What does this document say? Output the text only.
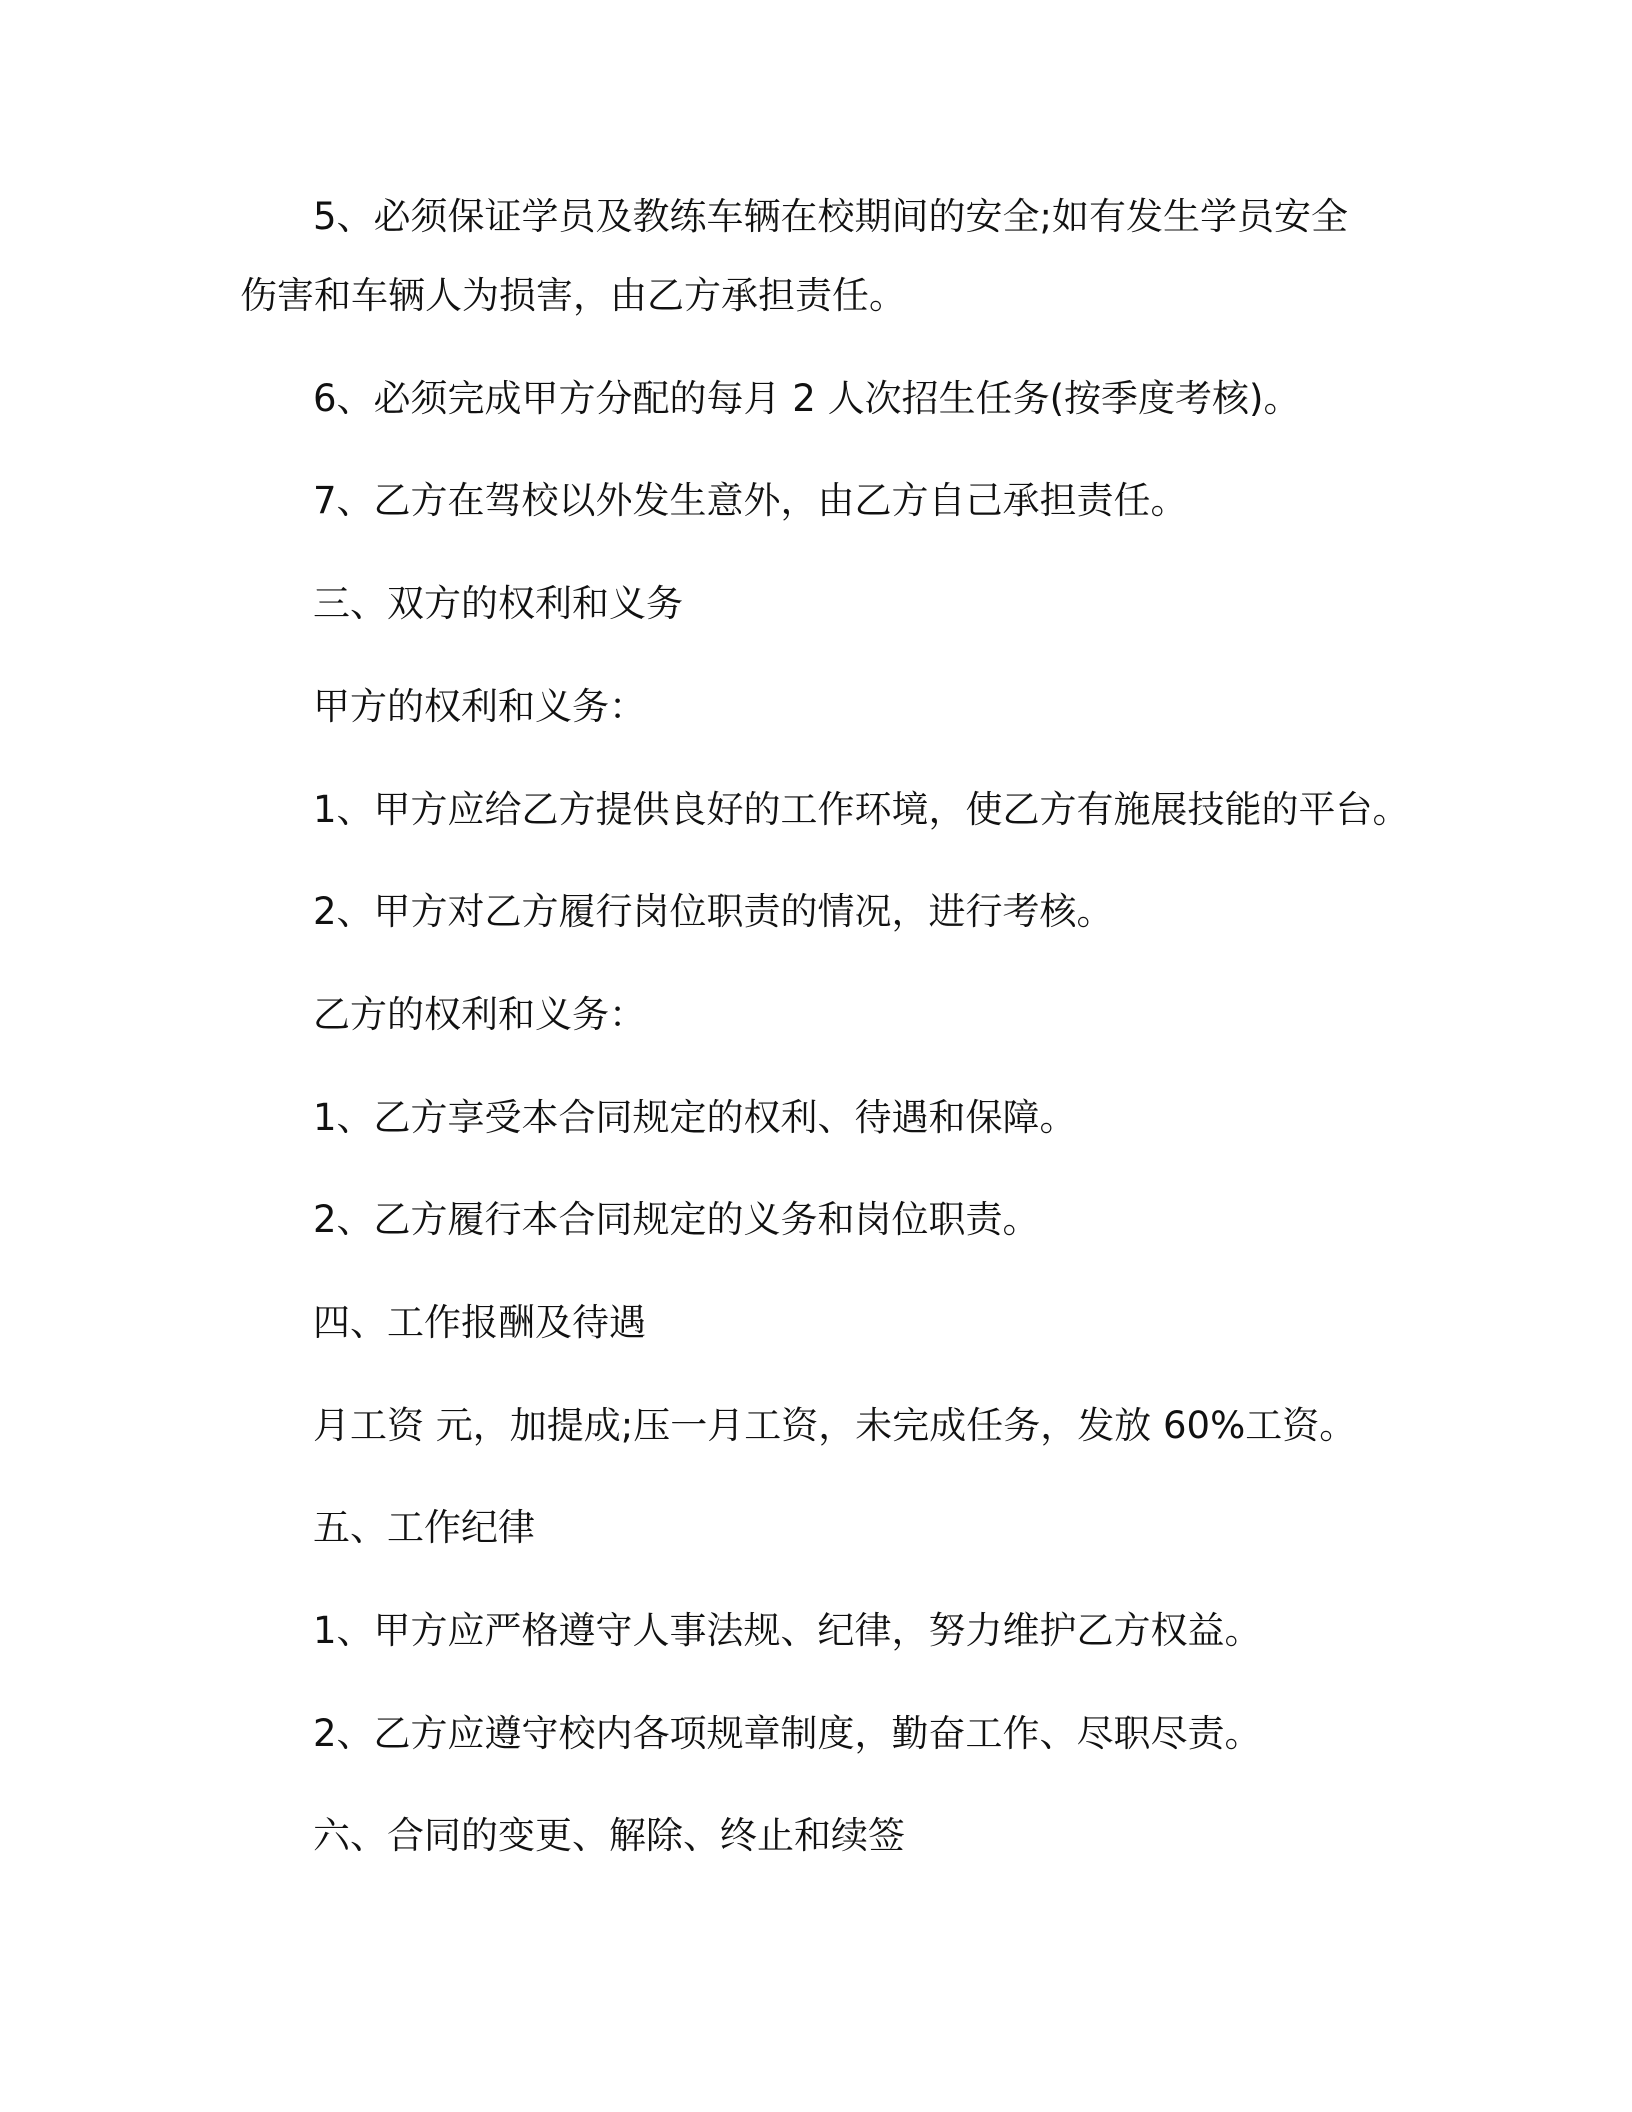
5、必须保证学员及教练车辆在校期间的安全;如有发生学员安全

伤害和车辆人为损害，由乙方承担责任。

6、必须完成甲方分配的每月 2 人次招生任务(按季度考核)。

7、乙方在驾校以外发生意外，由乙方自己承担责任。

三、双方的权利和义务

甲方的权利和义务：

1、甲方应给乙方提供良好的工作环境，使乙方有施展技能的平台。

2、甲方对乙方履行岗位职责的情况，进行考核。

乙方的权利和义务：

1、乙方享受本合同规定的权利、待遇和保障。

2、乙方履行本合同规定的义务和岗位职责。

四、工作报酬及待遇

月工资 元，加提成;压一月工资，未完成任务，发放 60%工资。

五、工作纪律

1、甲方应严格遵守人事法规、纪律，努力维护乙方权益。

2、乙方应遵守校内各项规章制度，勤奋工作、尽职尽责。

六、合同的变更、解除、终止和续签
